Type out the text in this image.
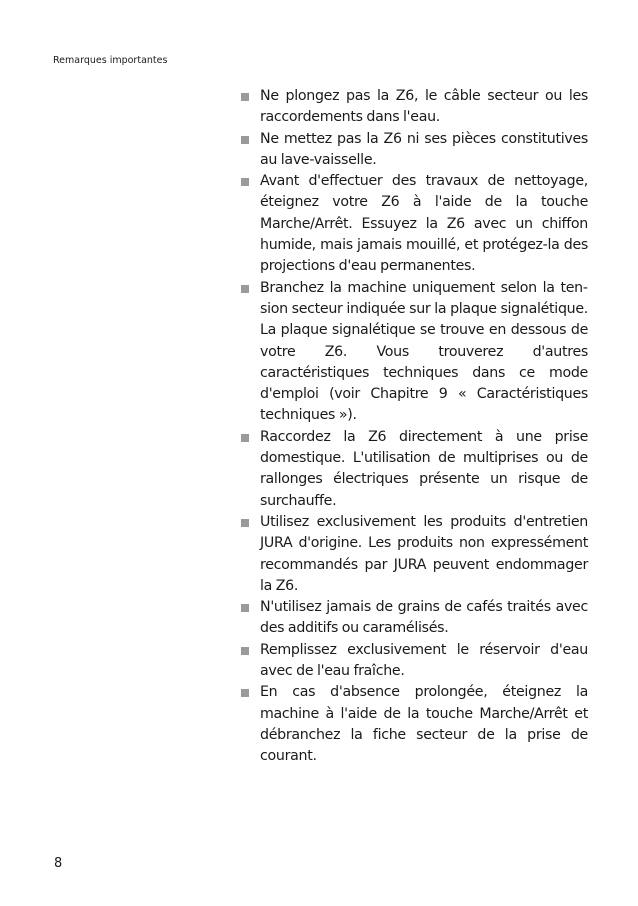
Remarques importantes
Ne plongez pas la Z6, le câble secteur ou les raccordements dans l'eau.
Ne mettez pas la Z6 ni ses pièces constitutives au lave-vaisselle.
Avant d'effectuer des travaux de nettoyage, éteignez votre Z6 à l'aide de la touche Marche/Arrêt. Essuyez la Z6 avec un chiffon humide, mais jamais mouillé, et protégez-la des projections d'eau permanentes.
Branchez la machine uniquement selon la tension secteur indiquée sur la plaque signalétique. La plaque signalétique se trouve en dessous de votre Z6. Vous trouverez d'autres caractéristiques techniques dans ce mode d'emploi (voir Chapitre 9 « Caractéristiques techniques »).
Raccordez la Z6 directement à une prise domestique. L'utilisation de multiprises ou de rallonges électriques présente un risque de surchauffe.
Utilisez exclusivement les produits d'entretien JURA d'origine. Les produits non expressément recommandés par JURA peuvent endommager la Z6.
N'utilisez jamais de grains de cafés traités avec des additifs ou caramélisés.
Remplissez exclusivement le réservoir d'eau avec de l'eau fraîche.
En cas d'absence prolongée, éteignez la machine à l'aide de la touche Marche/Arrêt et débranchez la fiche secteur de la prise de courant.
8
